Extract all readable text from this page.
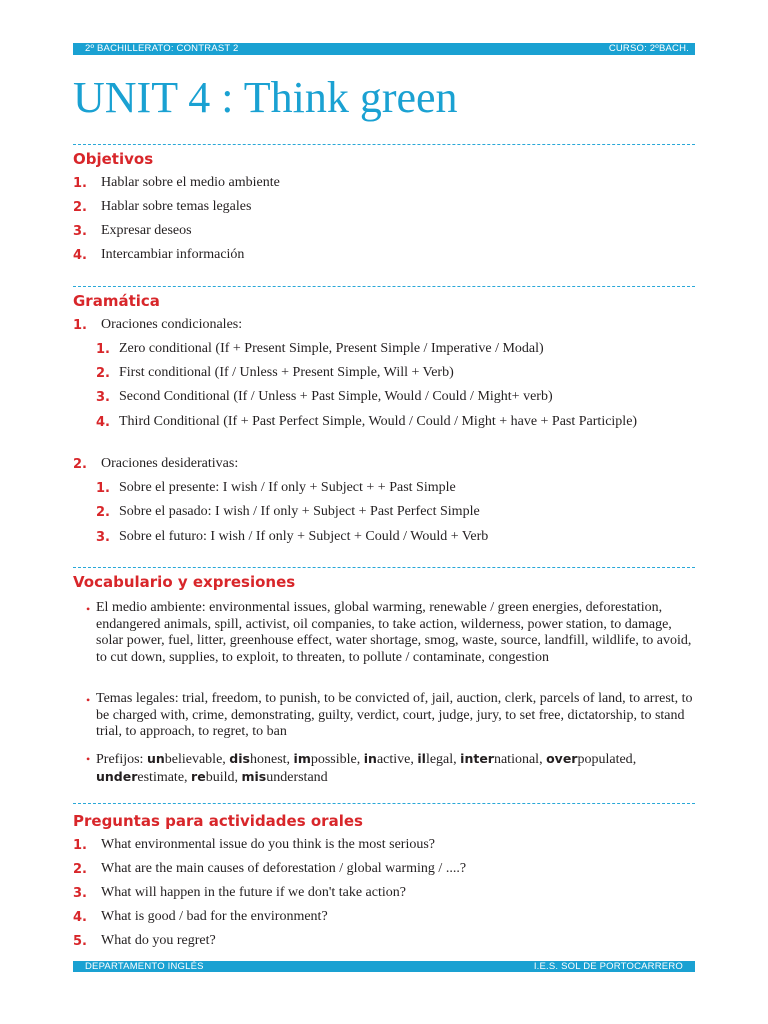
2º BACHILLERATO: CONTRAST 2	CURSO: 2ºBACH.
UNIT 4 : Think green
Objetivos
1. Hablar sobre el medio ambiente
2. Hablar sobre temas legales
3. Expresar deseos
4. Intercambiar información
Gramática
1. Oraciones condicionales:
1. Zero conditional (If + Present Simple, Present Simple / Imperative / Modal)
2. First conditional (If / Unless + Present Simple, Will + Verb)
3. Second Conditional (If / Unless + Past Simple, Would / Could / Might+ verb)
4. Third Conditional (If + Past Perfect Simple, Would / Could / Might + have + Past Participle)
2. Oraciones desiderativas:
1. Sobre el presente: I wish / If only + Subject + + Past Simple
2. Sobre el pasado: I wish / If only + Subject + Past Perfect Simple
3. Sobre el futuro: I wish / If only + Subject + Could / Would + Verb
Vocabulario y expresiones
• El medio ambiente: environmental issues, global warming, renewable / green energies, deforestation, endangered animals, spill, activist, oil companies, to take action, wilderness, power station, to damage, solar power, fuel, litter, greenhouse effect, water shortage, smog, waste, source, landfill, wildlife, to avoid, to cut down, supplies, to exploit, to threaten, to pollute / contaminate, congestion
• Temas legales: trial, freedom, to punish, to be convicted of, jail, auction, clerk, parcels of land, to arrest, to be charged with, crime, demonstrating, guilty, verdict, court, judge, jury, to set free, dictatorship, to stand trial, to approach, to regret, to ban
• Prefijos: unbelievable, dishonest, impossible, inactive, illegal, international, overpopulated, underestimate, rebuild, misunderstand
Preguntas para actividades orales
1. What environmental issue do you think is the most serious?
2. What are the main causes of deforestation / global warming / ....?
3. What will happen in the future if we don't take action?
4. What is good / bad for the environment?
5. What do you regret?
DEPARTAMENTO INGLÉS	I.E.S. SOL DE PORTOCARRERO
